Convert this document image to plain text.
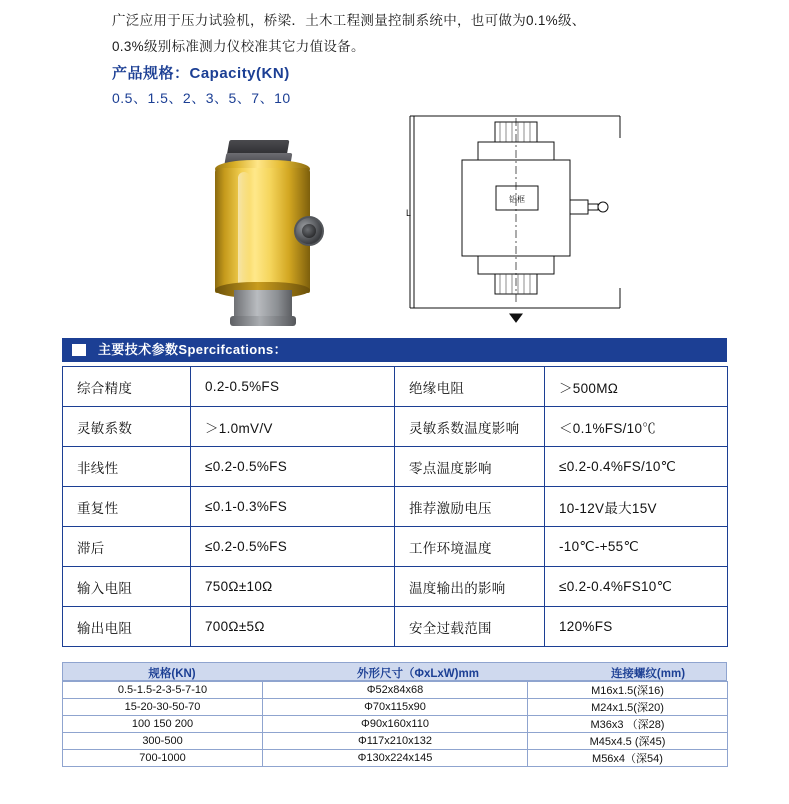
广泛应用于压力试验机，桥梁．土木工程测量控制系统中，也可做为0.1%级、
0.3%级别标准测力仪校准其它力值设备。
产品规格：Capacity(KN)
0.5、1.5、2、3、5、7、10
铝框
L
主要技术参数Spercifcations：
综合精度	0.2-0.5%FS	绝缘电阻	＞500MΩ
灵敏系数	＞1.0mV/V	灵敏系数温度影响	＜0.1%FS/10℃
非线性	≤0.2-0.5%FS	零点温度影响	≤0.2-0.4%FS/10℃
重复性	≤0.1-0.3%FS	推荐激励电压	10-12V最大15V
滞后	≤0.2-0.5%FS	工作环境温度	-10℃-+55℃
输入电阻	750Ω±10Ω	温度输出的影响	≤0.2-0.4%FS10℃
输出电阻	700Ω±5Ω	安全过载范围	120%FS
规格(KN)	外形尺寸（ΦxLxW)mm	连接螺纹(mm)
0.5-1.5-2-3-5-7-10	Φ52x84x68	M16x1.5(深16)
15-20-30-50-70	Φ70x115x90	M24x1.5(深20)
100 150 200	Φ90x160x110	M36x3 （深28)
300-500	Φ117x210x132	M45x4.5 (深45)
700-1000	Φ130x224x145	M56x4（深54)
